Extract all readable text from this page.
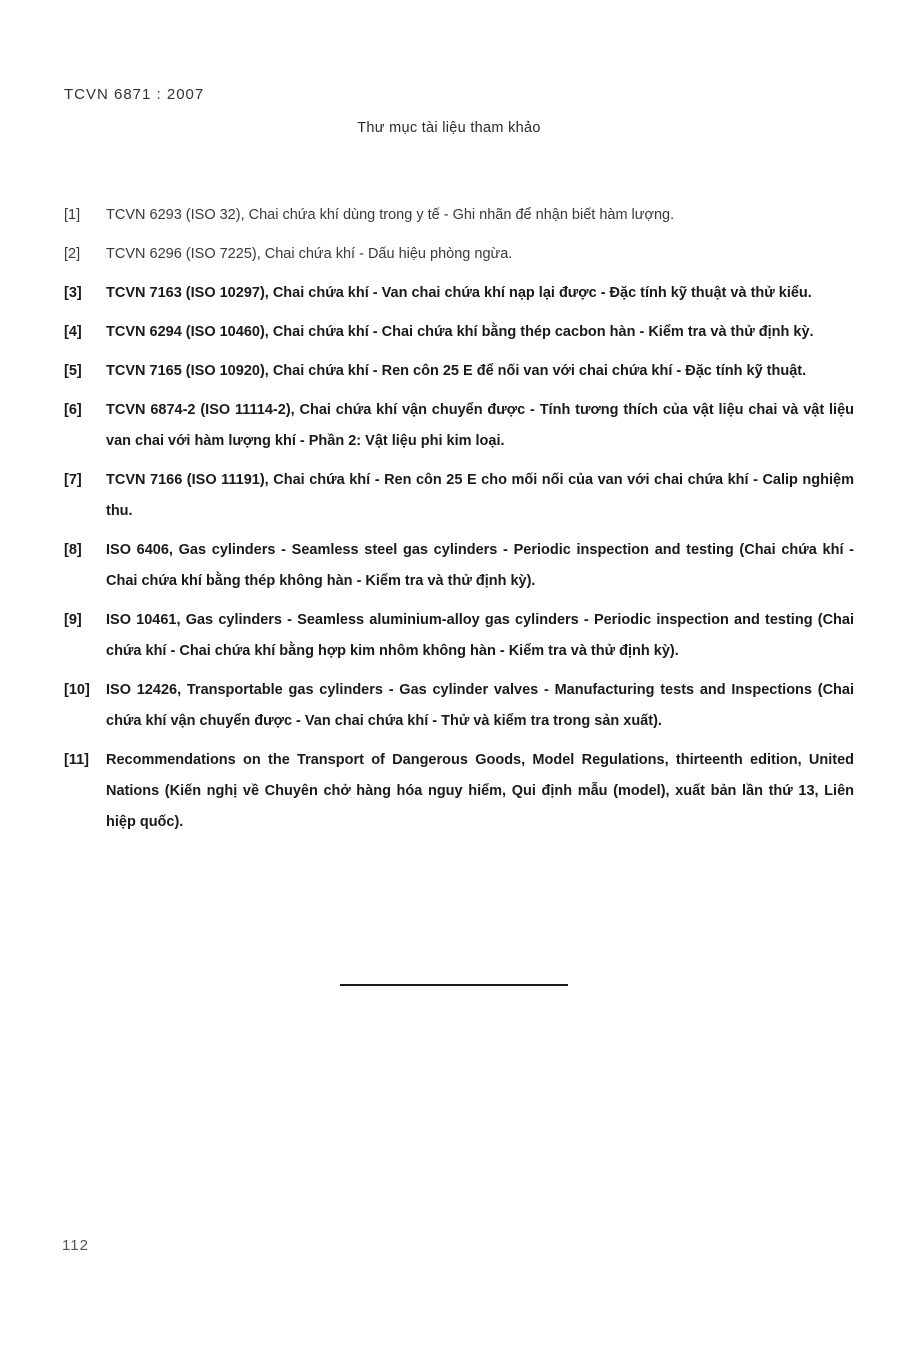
TCVN 6871 : 2007
Thư mục tài liệu tham khảo
[1]	TCVN 6293 (ISO 32), Chai chứa khí dùng trong y tế - Ghi nhãn để nhận biết hàm lượng.
[2]	TCVN 6296 (ISO 7225), Chai chứa khí - Dấu hiệu phòng ngừa.
[3]	TCVN 7163 (ISO 10297), Chai chứa khí - Van chai chứa khí nạp lại được - Đặc tính kỹ thuật và thử kiểu.
[4]	TCVN 6294 (ISO 10460), Chai chứa khí - Chai chứa khí bằng thép cacbon hàn - Kiểm tra và thử định kỳ.
[5]	TCVN 7165 (ISO 10920), Chai chứa khí - Ren côn 25 E để nối van với chai chứa khí - Đặc tính kỹ thuật.
[6]	TCVN 6874-2 (ISO 11114-2), Chai chứa khí vận chuyển được - Tính tương thích của vật liệu chai và vật liệu van chai với hàm lượng khí - Phần 2: Vật liệu phi kim loại.
[7]	TCVN 7166 (ISO 11191), Chai chứa khí - Ren côn 25 E cho mối nối của van với chai chứa khí - Calip nghiệm thu.
[8]	ISO 6406, Gas cylinders - Seamless steel gas cylinders - Periodic inspection and testing (Chai chứa khí - Chai chứa khí bằng thép không hàn - Kiểm tra và thử định kỳ).
[9]	ISO 10461, Gas cylinders - Seamless aluminium-alloy gas cylinders - Periodic inspection and testing (Chai chứa khí - Chai chứa khí bằng hợp kim nhôm không hàn - Kiểm tra và thử định kỳ).
[10]	ISO 12426, Transportable gas cylinders - Gas cylinder valves - Manufacturing tests and Inspections (Chai chứa khí vận chuyển được - Van chai chứa khí - Thử và kiểm tra trong sản xuất).
[11]	Recommendations on the Transport of Dangerous Goods, Model Regulations, thirteenth edition, United Nations (Kiến nghị về Chuyên chở hàng hóa nguy hiểm, Qui định mẫu (model), xuất bản lần thứ 13, Liên hiệp quốc).
112
